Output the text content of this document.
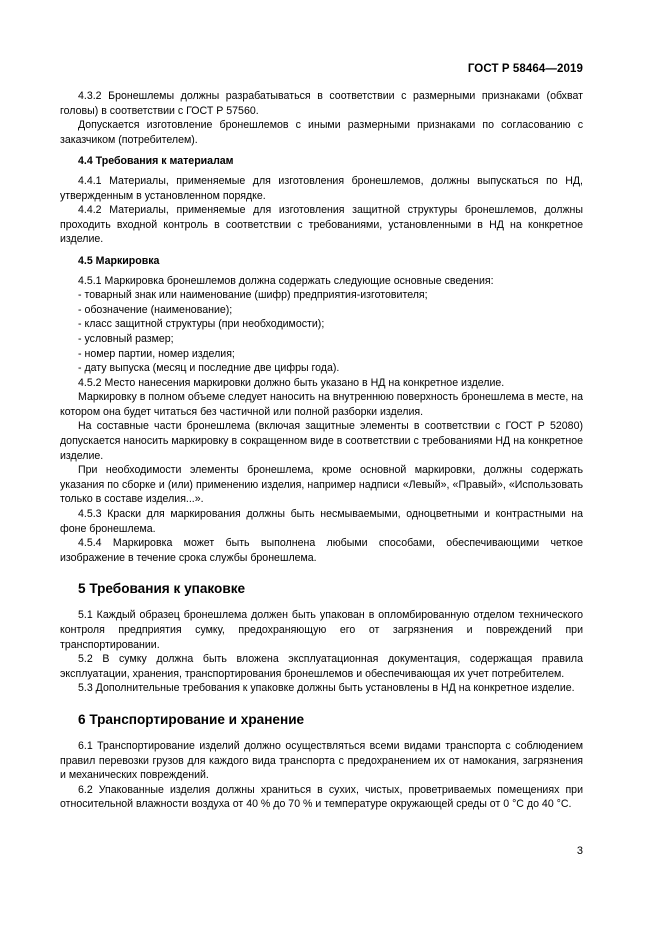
ГОСТ Р 58464—2019

4.3.2 Бронешлемы должны разрабатываться в соответствии с размерными признаками (обхват головы) в соответствии с ГОСТ Р 57560.

Допускается изготовление бронешлемов с иными размерными признаками по согласованию с заказчиком (потребителем).

4.4 Требования к материалам

4.4.1 Материалы, применяемые для изготовления бронешлемов, должны выпускаться по НД, утвержденным в установленном порядке.

4.4.2 Материалы, применяемые для изготовления защитной структуры бронешлемов, должны проходить входной контроль в соответствии с требованиями, установленными в НД на конкретное изделие.

4.5 Маркировка

4.5.1 Маркировка бронешлемов должна содержать следующие основные сведения:

- товарный знак или наименование (шифр) предприятия-изготовителя;

- обозначение (наименование);

- класс защитной структуры (при необходимости);

- условный размер;

- номер партии, номер изделия;

- дату выпуска (месяц и последние две цифры года).

4.5.2 Место нанесения маркировки должно быть указано в НД на конкретное изделие.

Маркировку в полном объеме следует наносить на внутреннюю поверхность бронешлема в месте, на котором она будет читаться без частичной или полной разборки изделия.

На составные части бронешлема (включая защитные элементы в соответствии с ГОСТ Р 52080) допускается наносить маркировку в сокращенном виде в соответствии с требованиями НД на конкретное изделие.

При необходимости элементы бронешлема, кроме основной маркировки, должны содержать указания по сборке и (или) применению изделия, например надписи «Левый», «Правый», «Использовать только в составе изделия...».

4.5.3 Краски для маркирования должны быть несмываемыми, одноцветными и контрастными на фоне бронешлема.

4.5.4 Маркировка может быть выполнена любыми способами, обеспечивающими четкое изображение в течение срока службы бронешлема.

5 Требования к упаковке

5.1 Каждый образец бронешлема должен быть упакован в опломбированную отделом технического контроля предприятия сумку, предохраняющую его от загрязнения и повреждений при транспортировании.

5.2 В сумку должна быть вложена эксплуатационная документация, содержащая правила эксплуатации, хранения, транспортирования бронешлемов и обеспечивающая их учет потребителем.

5.3 Дополнительные требования к упаковке должны быть установлены в НД на конкретное изделие.

6 Транспортирование и хранение

6.1 Транспортирование изделий должно осуществляться всеми видами транспорта с соблюдением правил перевозки грузов для каждого вида транспорта с предохранением их от намокания, загрязнения и механических повреждений.

6.2 Упакованные изделия должны храниться в сухих, чистых, проветриваемых помещениях при относительной влажности воздуха от 40 % до 70 % и температуре окружающей среды от 0 °С до 40 °С.

3
